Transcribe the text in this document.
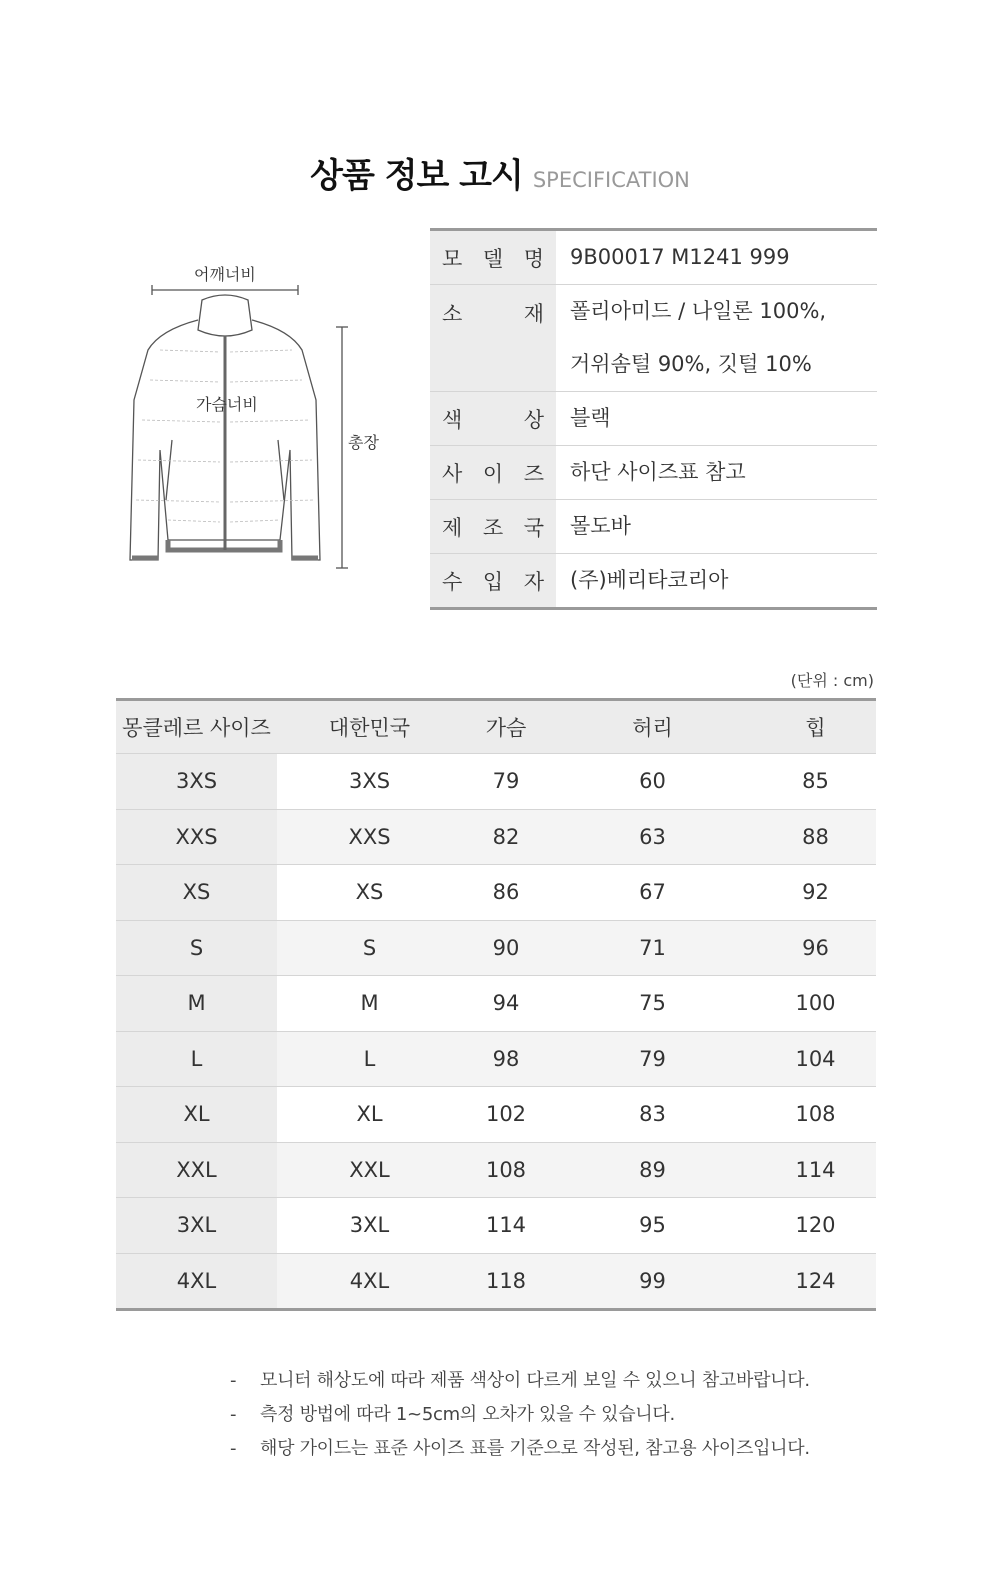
상품 정보 고시 SPECIFICATION
어깨너비
가슴너비
총장
모 델 명 9B00017 M1241 999
소 재 폴리아미드 / 나일론 100%,
거위솜털 90%, 깃털 10%
색 상 블랙
사 이 즈 하단 사이즈표 참고
제 조 국 몰도바
수 입 자 (주)베리타코리아
(단위 : cm)
몽클레르 사이즈	대한민국	가슴	허리	힙
3XS	3XS	79	60	85
XXS	XXS	82	63	88
XS	XS	86	67	92
S	S	90	71	96
M	M	94	75	100
L	L	98	79	104
XL	XL	102	83	108
XXL	XXL	108	89	114
3XL	3XL	114	95	120
4XL	4XL	118	99	124
-	모니터 해상도에 따라 제품 색상이 다르게 보일 수 있으니 참고바랍니다.
-	측정 방법에 따라 1~5cm의 오차가 있을 수 있습니다.
-	해당 가이드는 표준 사이즈 표를 기준으로 작성된, 참고용 사이즈입니다.
